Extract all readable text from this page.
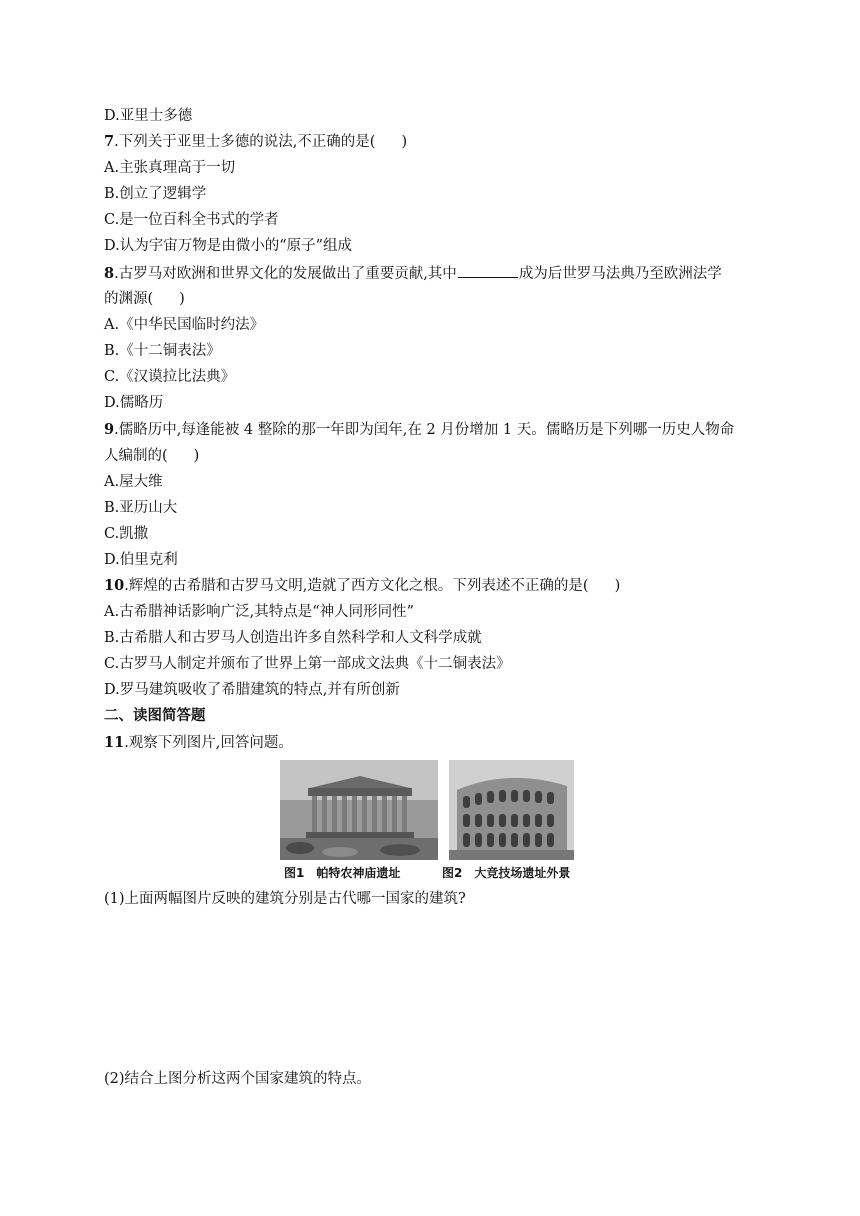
D.亚里士多德
7.下列关于亚里士多德的说法,不正确的是( )
A.主张真理高于一切
B.创立了逻辑学
C.是一位百科全书式的学者
D.认为宇宙万物是由微小的“原子”组成
8.古罗马对欧洲和世界文化的发展做出了重要贡献,其中	成为后世罗马法典乃至欧洲法学
的渊源( )
A.《中华民国临时约法》
B.《十二铜表法》
C.《汉谟拉比法典》
D.儒略历
9.儒略历中,每逢能被 4 整除的那一年即为闰年,在 2 月份增加 1 天。儒略历是下列哪一历史人物命
人编制的( )
A.屋大维
B.亚历山大
C.凯撒
D.伯里克利
10.辉煌的古希腊和古罗马文明,造就了西方文化之根。下列表述不正确的是( )
A.古希腊神话影响广泛,其特点是“神人同形同性”
B.古希腊人和古罗马人创造出许多自然科学和人文科学成就
C.古罗马人制定并颁布了世界上第一部成文法典《十二铜表法》
D.罗马建筑吸收了希腊建筑的特点,并有所创新
二、读图简答题
11.观察下列图片,回答问题。
图1　帕特农神庙遗址	图2　大竞技场遗址外景
(1)上面两幅图片反映的建筑分别是古代哪一国家的建筑?
(2)结合上图分析这两个国家建筑的特点。
